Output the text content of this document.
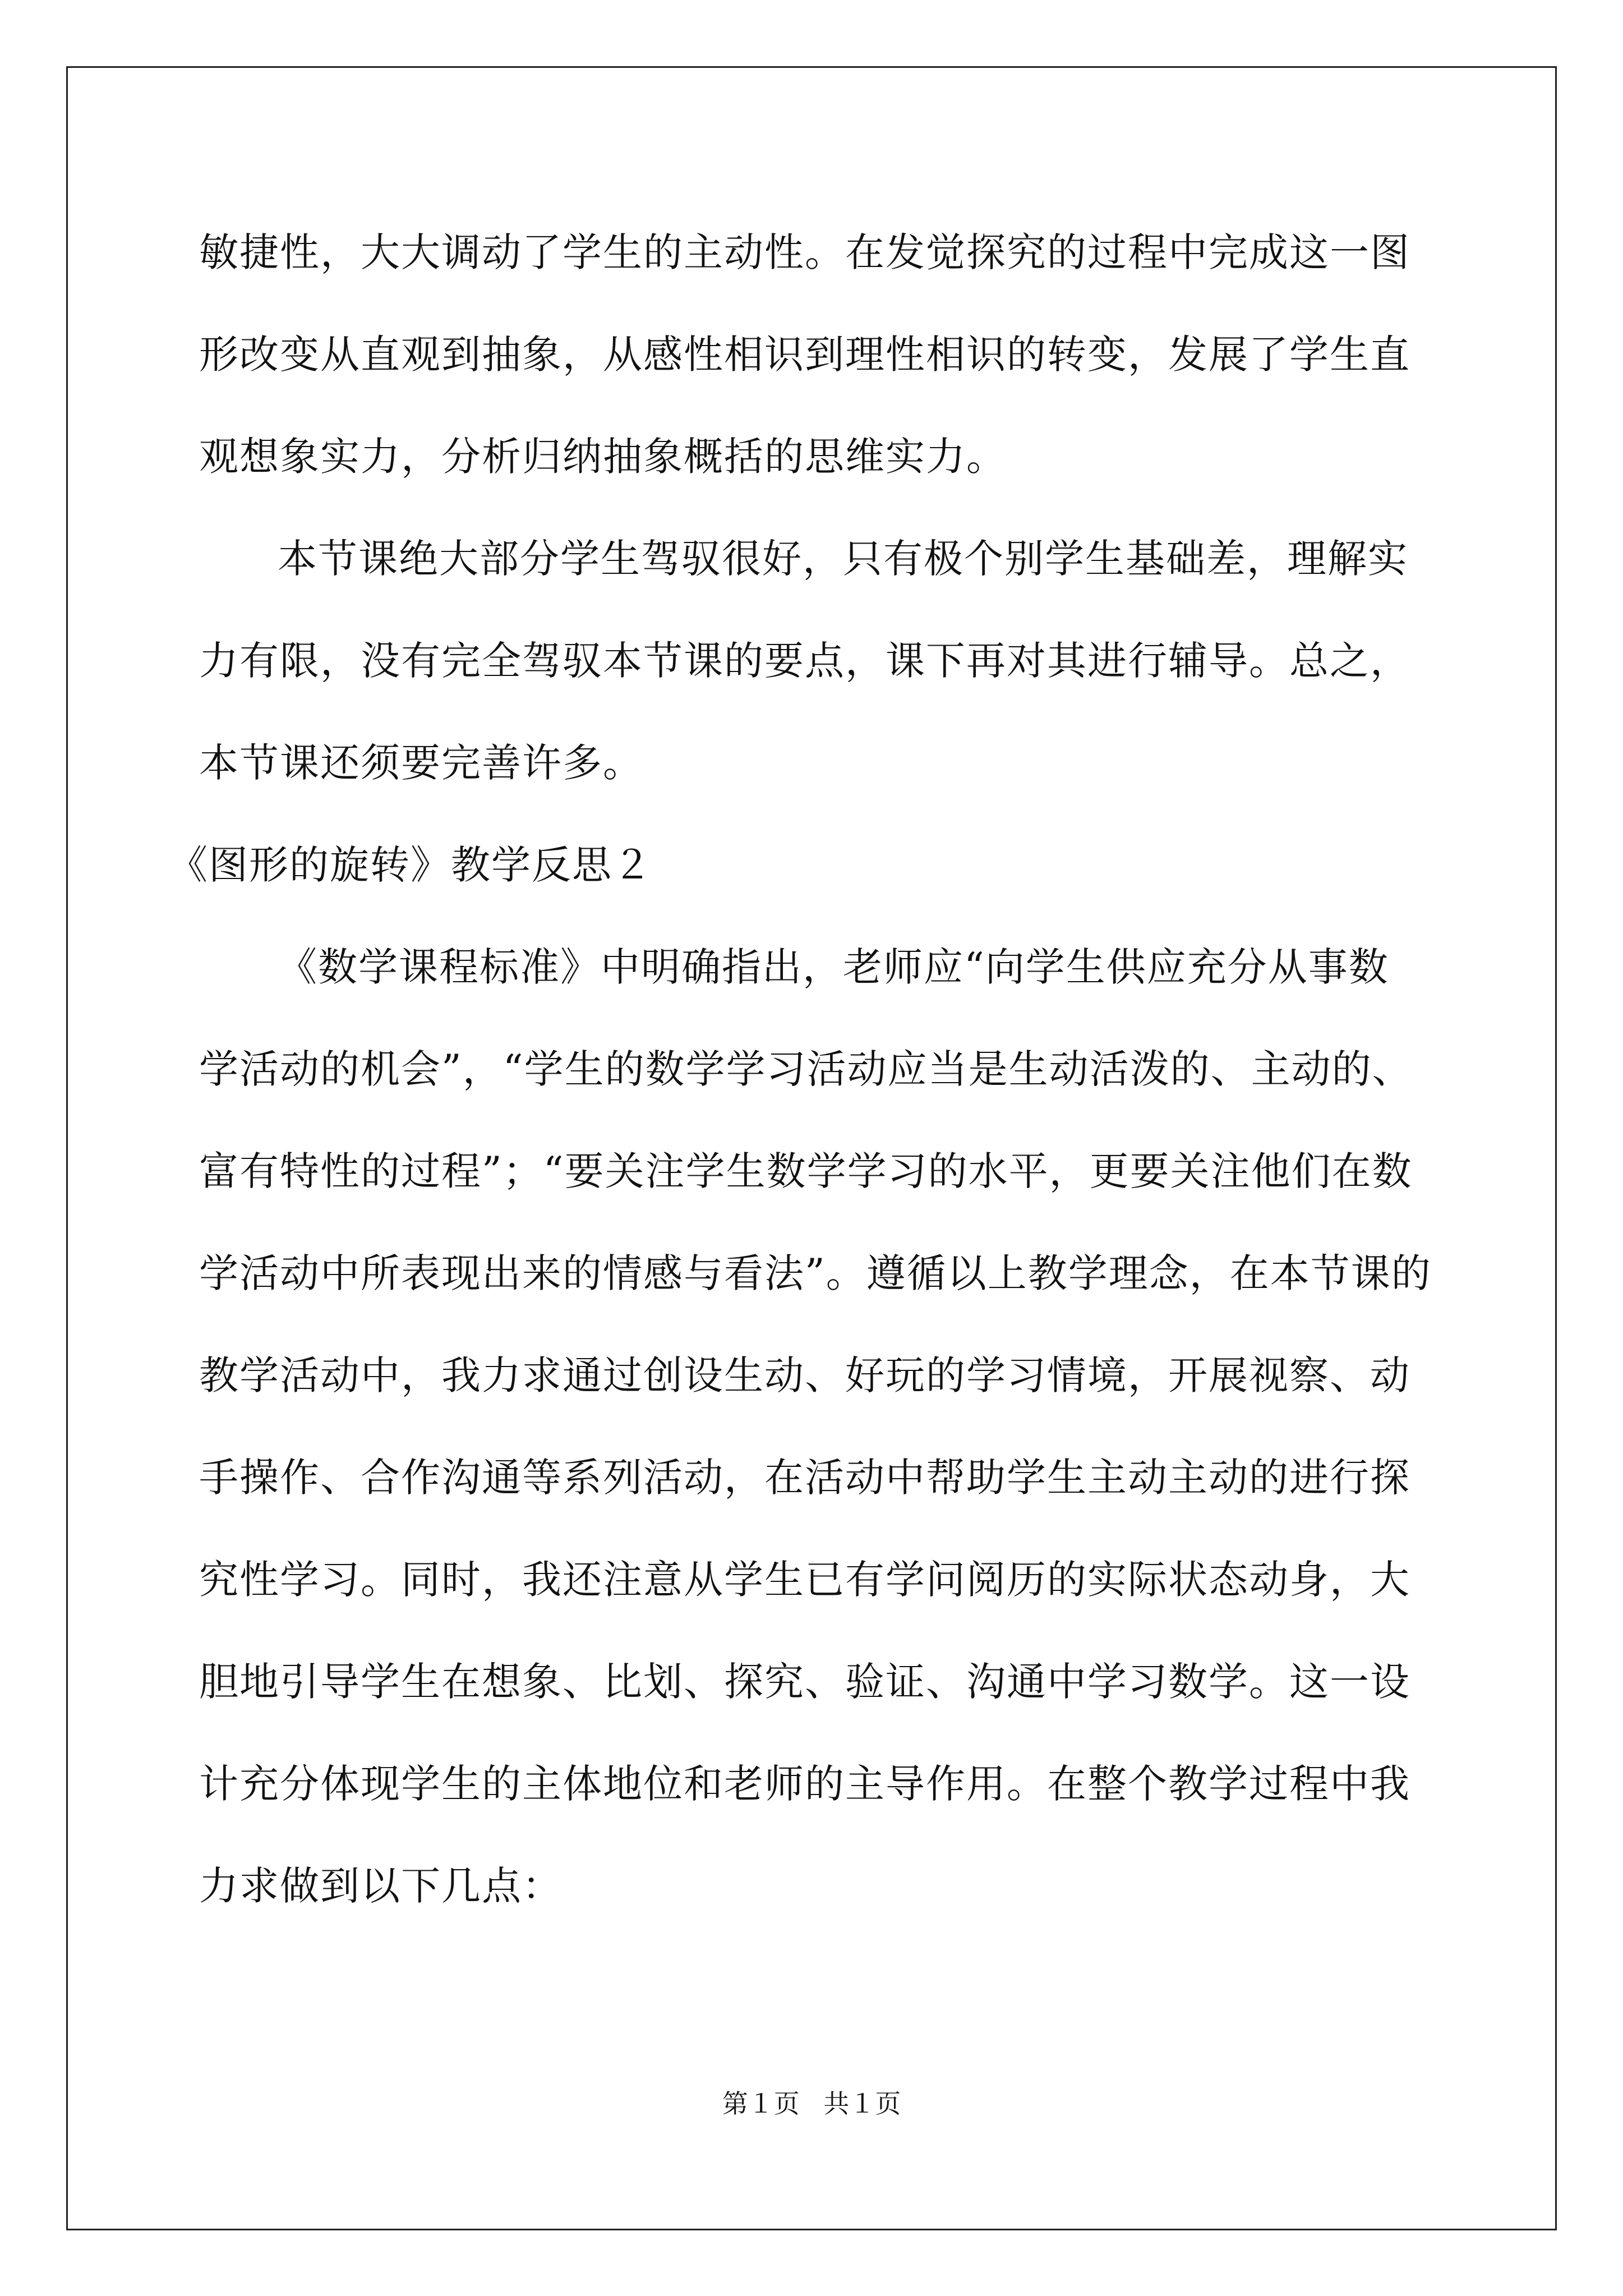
敏捷性，大大调动了学生的主动性。在发觉探究的过程中完成这一图
形改变从直观到抽象，从感性相识到理性相识的转变，发展了学生直
观想象实力，分析归纳抽象概括的思维实力。
本节课绝大部分学生驾驭很好，只有极个别学生基础差，理解实
力有限，没有完全驾驭本节课的要点，课下再对其进行辅导。总之，
本节课还须要完善许多。
《图形的旋转》教学反思２
《数学课程标准》中明确指出，老师应“向学生供应充分从事数
学活动的机会”，“学生的数学学习活动应当是生动活泼的、主动的、
富有特性的过程”；“要关注学生数学学习的水平，更要关注他们在数
学活动中所表现出来的情感与看法”。遵循以上教学理念，在本节课的
教学活动中，我力求通过创设生动、好玩的学习情境，开展视察、动
手操作、合作沟通等系列活动，在活动中帮助学生主动主动的进行探
究性学习。同时，我还注意从学生已有学问阅历的实际状态动身，大
胆地引导学生在想象、比划、探究、验证、沟通中学习数学。这一设
计充分体现学生的主体地位和老师的主导作用。在整个教学过程中我
力求做到以下几点：
第１页 共１页
